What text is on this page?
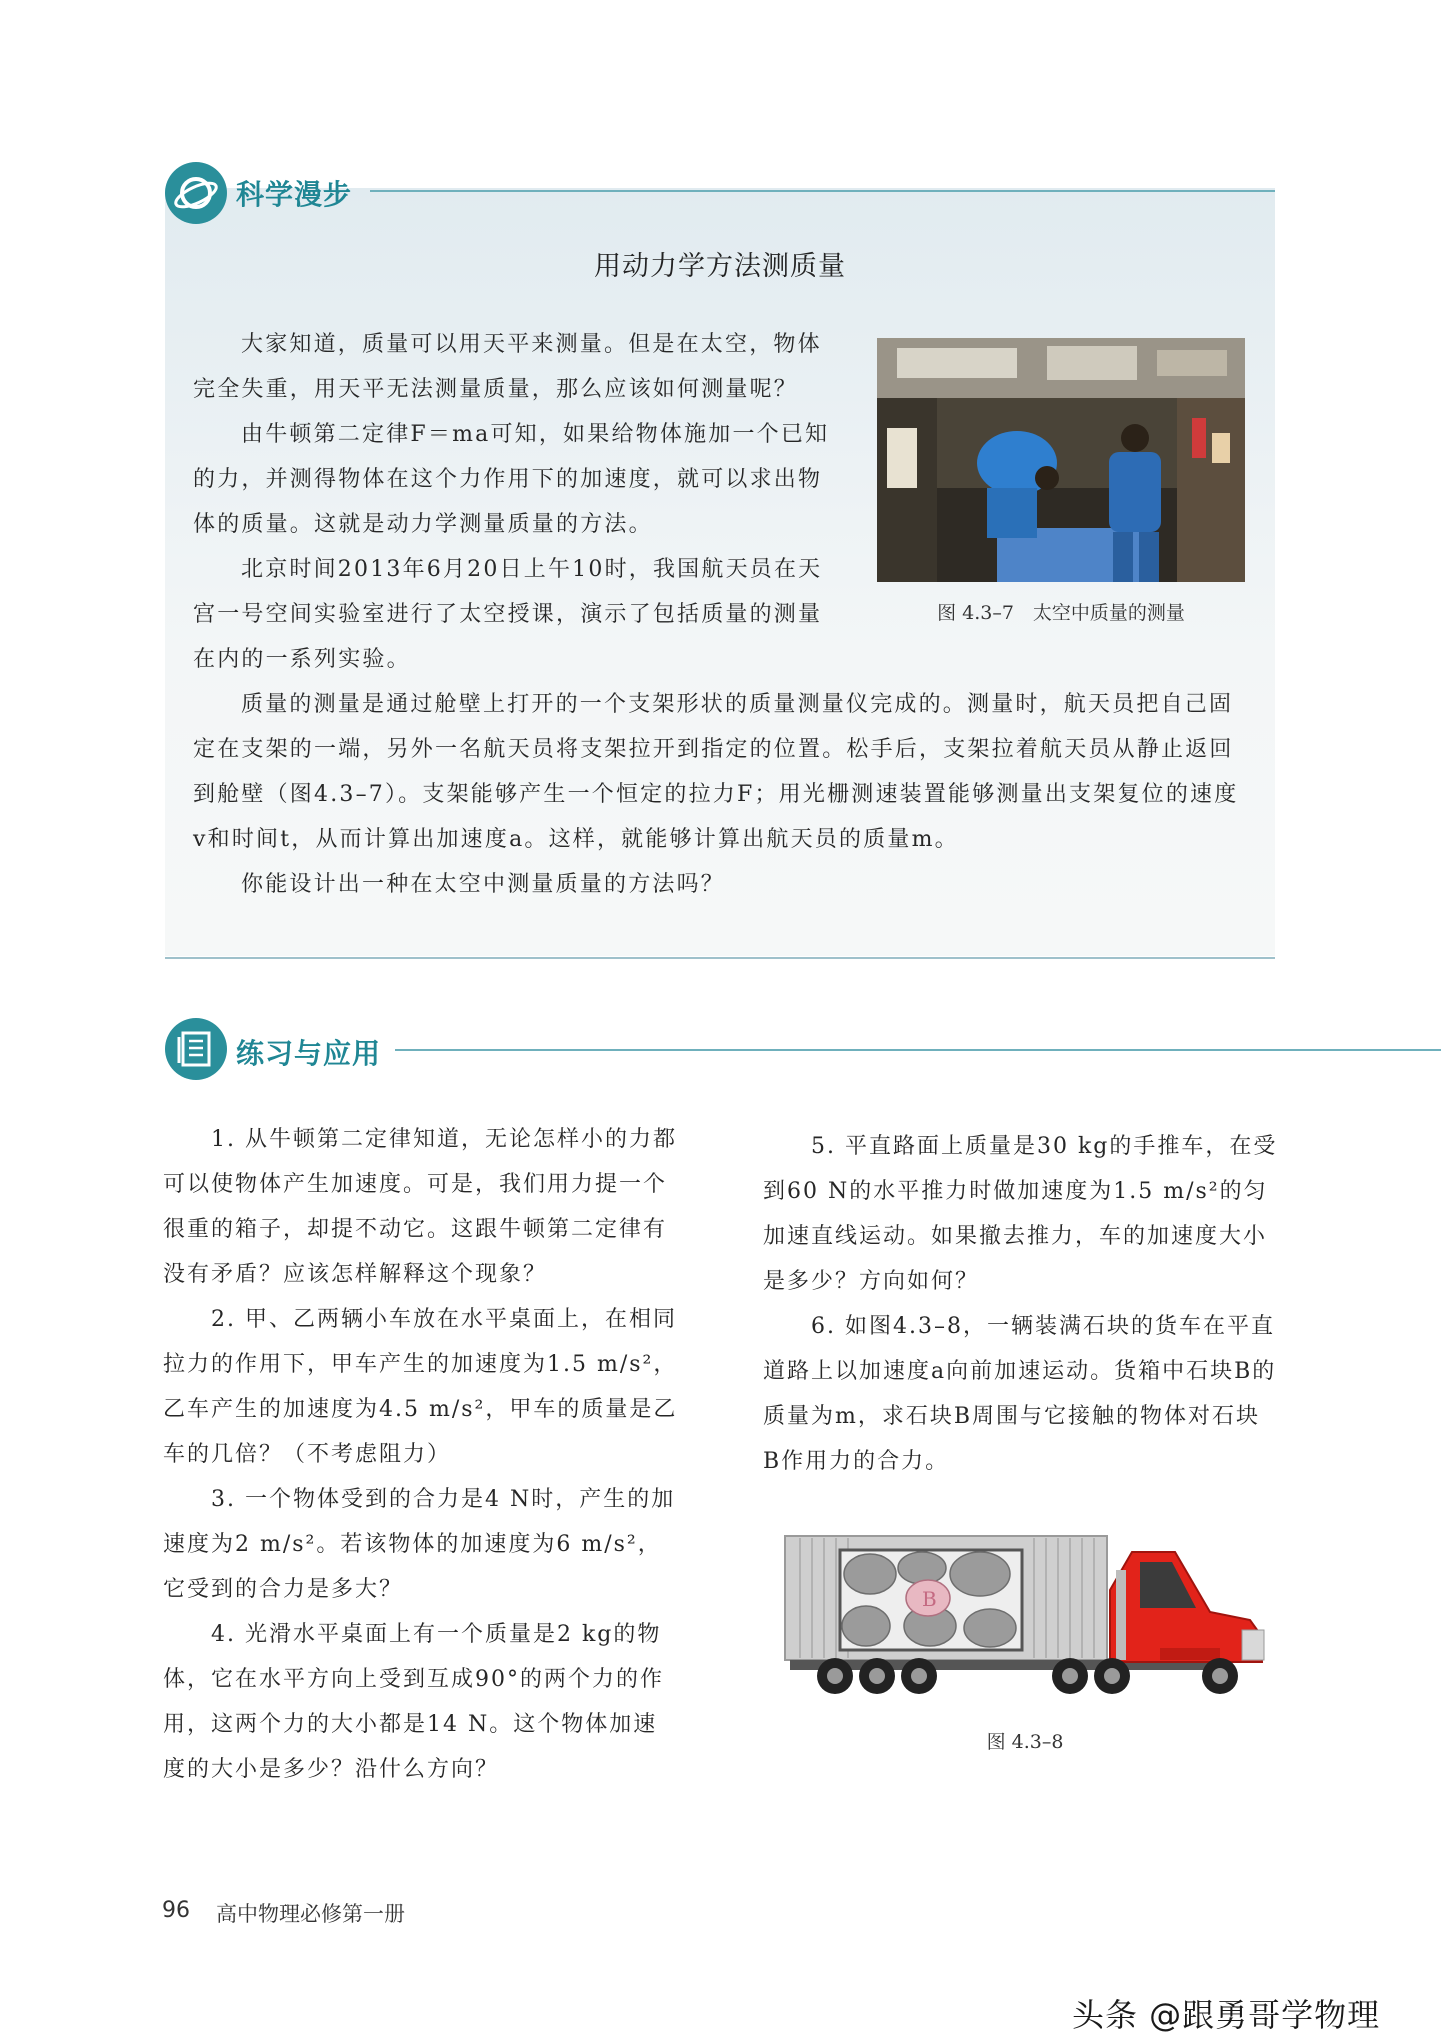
科学漫步
用动力学方法测质量

大家知道，质量可以用天平来测量。但是在太空，物体完全失重，用天平无法测量质量，那么应该如何测量呢？

由牛顿第二定律F＝ma可知，如果给物体施加一个已知的力，并测得物体在这个力作用下的加速度，就可以求出物体的质量。这就是动力学测量质量的方法。

北京时间2013年6月20日上午10时，我国航天员在天宫一号空间实验室进行了太空授课，演示了包括质量的测量在内的一系列实验。

质量的测量是通过舱壁上打开的一个支架形状的质量测量仪完成的。测量时，航天员把自己固定在支架的一端，另外一名航天员将支架拉开到指定的位置。松手后，支架拉着航天员从静止返回到舱壁（图4.3–7）。支架能够产生一个恒定的拉力F；用光栅测速装置能够测量出支架复位的速度v和时间t，从而计算出加速度a。这样，就能够计算出航天员的质量m。

你能设计出一种在太空中测量质量的方法吗？

图 4.3–7　太空中质量的测量
练习与应用

1. 从牛顿第二定律知道，无论怎样小的力都可以使物体产生加速度。可是，我们用力提一个很重的箱子，却提不动它。这跟牛顿第二定律有没有矛盾？应该怎样解释这个现象？

2. 甲、乙两辆小车放在水平桌面上，在相同拉力的作用下，甲车产生的加速度为1.5 m/s²，乙车产生的加速度为4.5 m/s²，甲车的质量是乙车的几倍？（不考虑阻力）

3. 一个物体受到的合力是4 N时，产生的加速度为2 m/s²。若该物体的加速度为6 m/s²，它受到的合力是多大？

4. 光滑水平桌面上有一个质量是2 kg的物体，它在水平方向上受到互成90°的两个力的作用，这两个力的大小都是14 N。这个物体加速度的大小是多少？沿什么方向？

5. 平直路面上质量是30 kg的手推车，在受到60 N的水平推力时做加速度为1.5 m/s²的匀加速直线运动。如果撤去推力，车的加速度大小是多少？方向如何？

6. 如图4.3–8，一辆装满石块的货车在平直道路上以加速度a向前加速运动。货箱中石块B的质量为m，求石块B周围与它接触的物体对石块B作用力的合力。

B
图 4.3–8
96 高中物理必修第一册
头条 @跟勇哥学物理
